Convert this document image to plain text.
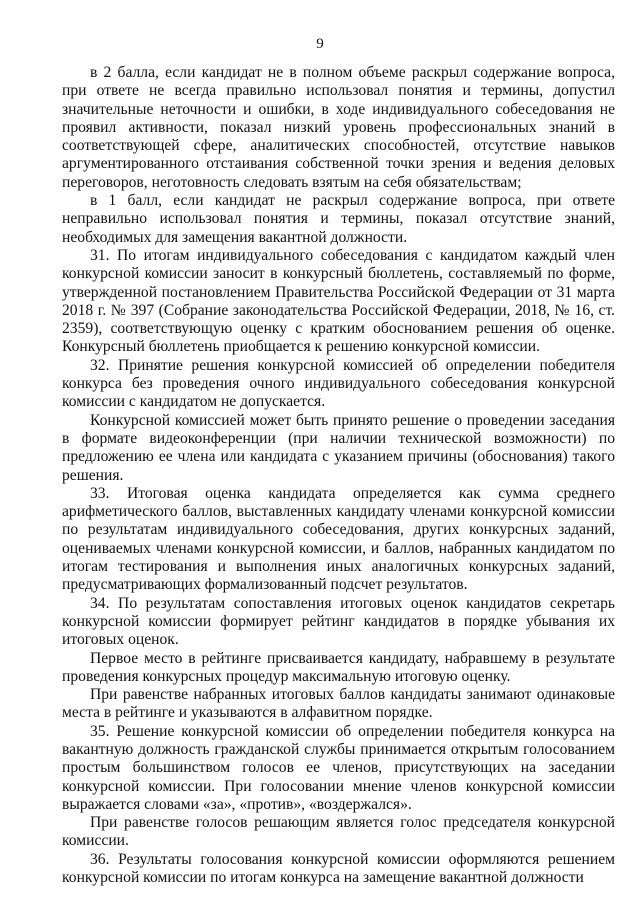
9

в 2 балла, если кандидат не в полном объеме раскрыл содержание вопроса, при ответе не всегда правильно использовал понятия и термины, допустил значительные неточности и ошибки, в ходе индивидуального собеседования не проявил активности, показал низкий уровень профессиональных знаний в соответствующей сфере, аналитических способностей, отсутствие навыков аргументированного отстаивания собственной точки зрения и ведения деловых переговоров, неготовность следовать взятым на себя обязательствам;

в 1 балл, если кандидат не раскрыл содержание вопроса, при ответе неправильно использовал понятия и термины, показал отсутствие знаний, необходимых для замещения вакантной должности.

31. По итогам индивидуального собеседования с кандидатом каждый член конкурсной комиссии заносит в конкурсный бюллетень, составляемый по форме, утвержденной постановлением Правительства Российской Федерации от 31 марта 2018 г. № 397 (Собрание законодательства Российской Федерации, 2018, № 16, ст. 2359), соответствующую оценку с кратким обоснованием решения об оценке. Конкурсный бюллетень приобщается к решению конкурсной комиссии.

32. Принятие решения конкурсной комиссией об определении победителя конкурса без проведения очного индивидуального собеседования конкурсной комиссии с кандидатом не допускается.

Конкурсной комиссией может быть принято решение о проведении заседания в формате видеоконференции (при наличии технической возможности) по предложению ее члена или кандидата с указанием причины (обоснования) такого решения.

33. Итоговая оценка кандидата определяется как сумма среднего арифметического баллов, выставленных кандидату членами конкурсной комиссии по результатам индивидуального собеседования, других конкурсных заданий, оцениваемых членами конкурсной комиссии, и баллов, набранных кандидатом по итогам тестирования и выполнения иных аналогичных конкурсных заданий, предусматривающих формализованный подсчет результатов.

34. По результатам сопоставления итоговых оценок кандидатов секретарь конкурсной комиссии формирует рейтинг кандидатов в порядке убывания их итоговых оценок.

Первое место в рейтинге присваивается кандидату, набравшему в результате проведения конкурсных процедур максимальную итоговую оценку.

При равенстве набранных итоговых баллов кандидаты занимают одинаковые места в рейтинге и указываются в алфавитном порядке.

35. Решение конкурсной комиссии об определении победителя конкурса на вакантную должность гражданской службы принимается открытым голосованием простым большинством голосов ее членов, присутствующих на заседании конкурсной комиссии. При голосовании мнение членов конкурсной комиссии выражается словами «за», «против», «воздержался».

При равенстве голосов решающим является голос председателя конкурсной комиссии.

36. Результаты голосования конкурсной комиссии оформляются решением конкурсной комиссии по итогам конкурса на замещение вакантной должности
